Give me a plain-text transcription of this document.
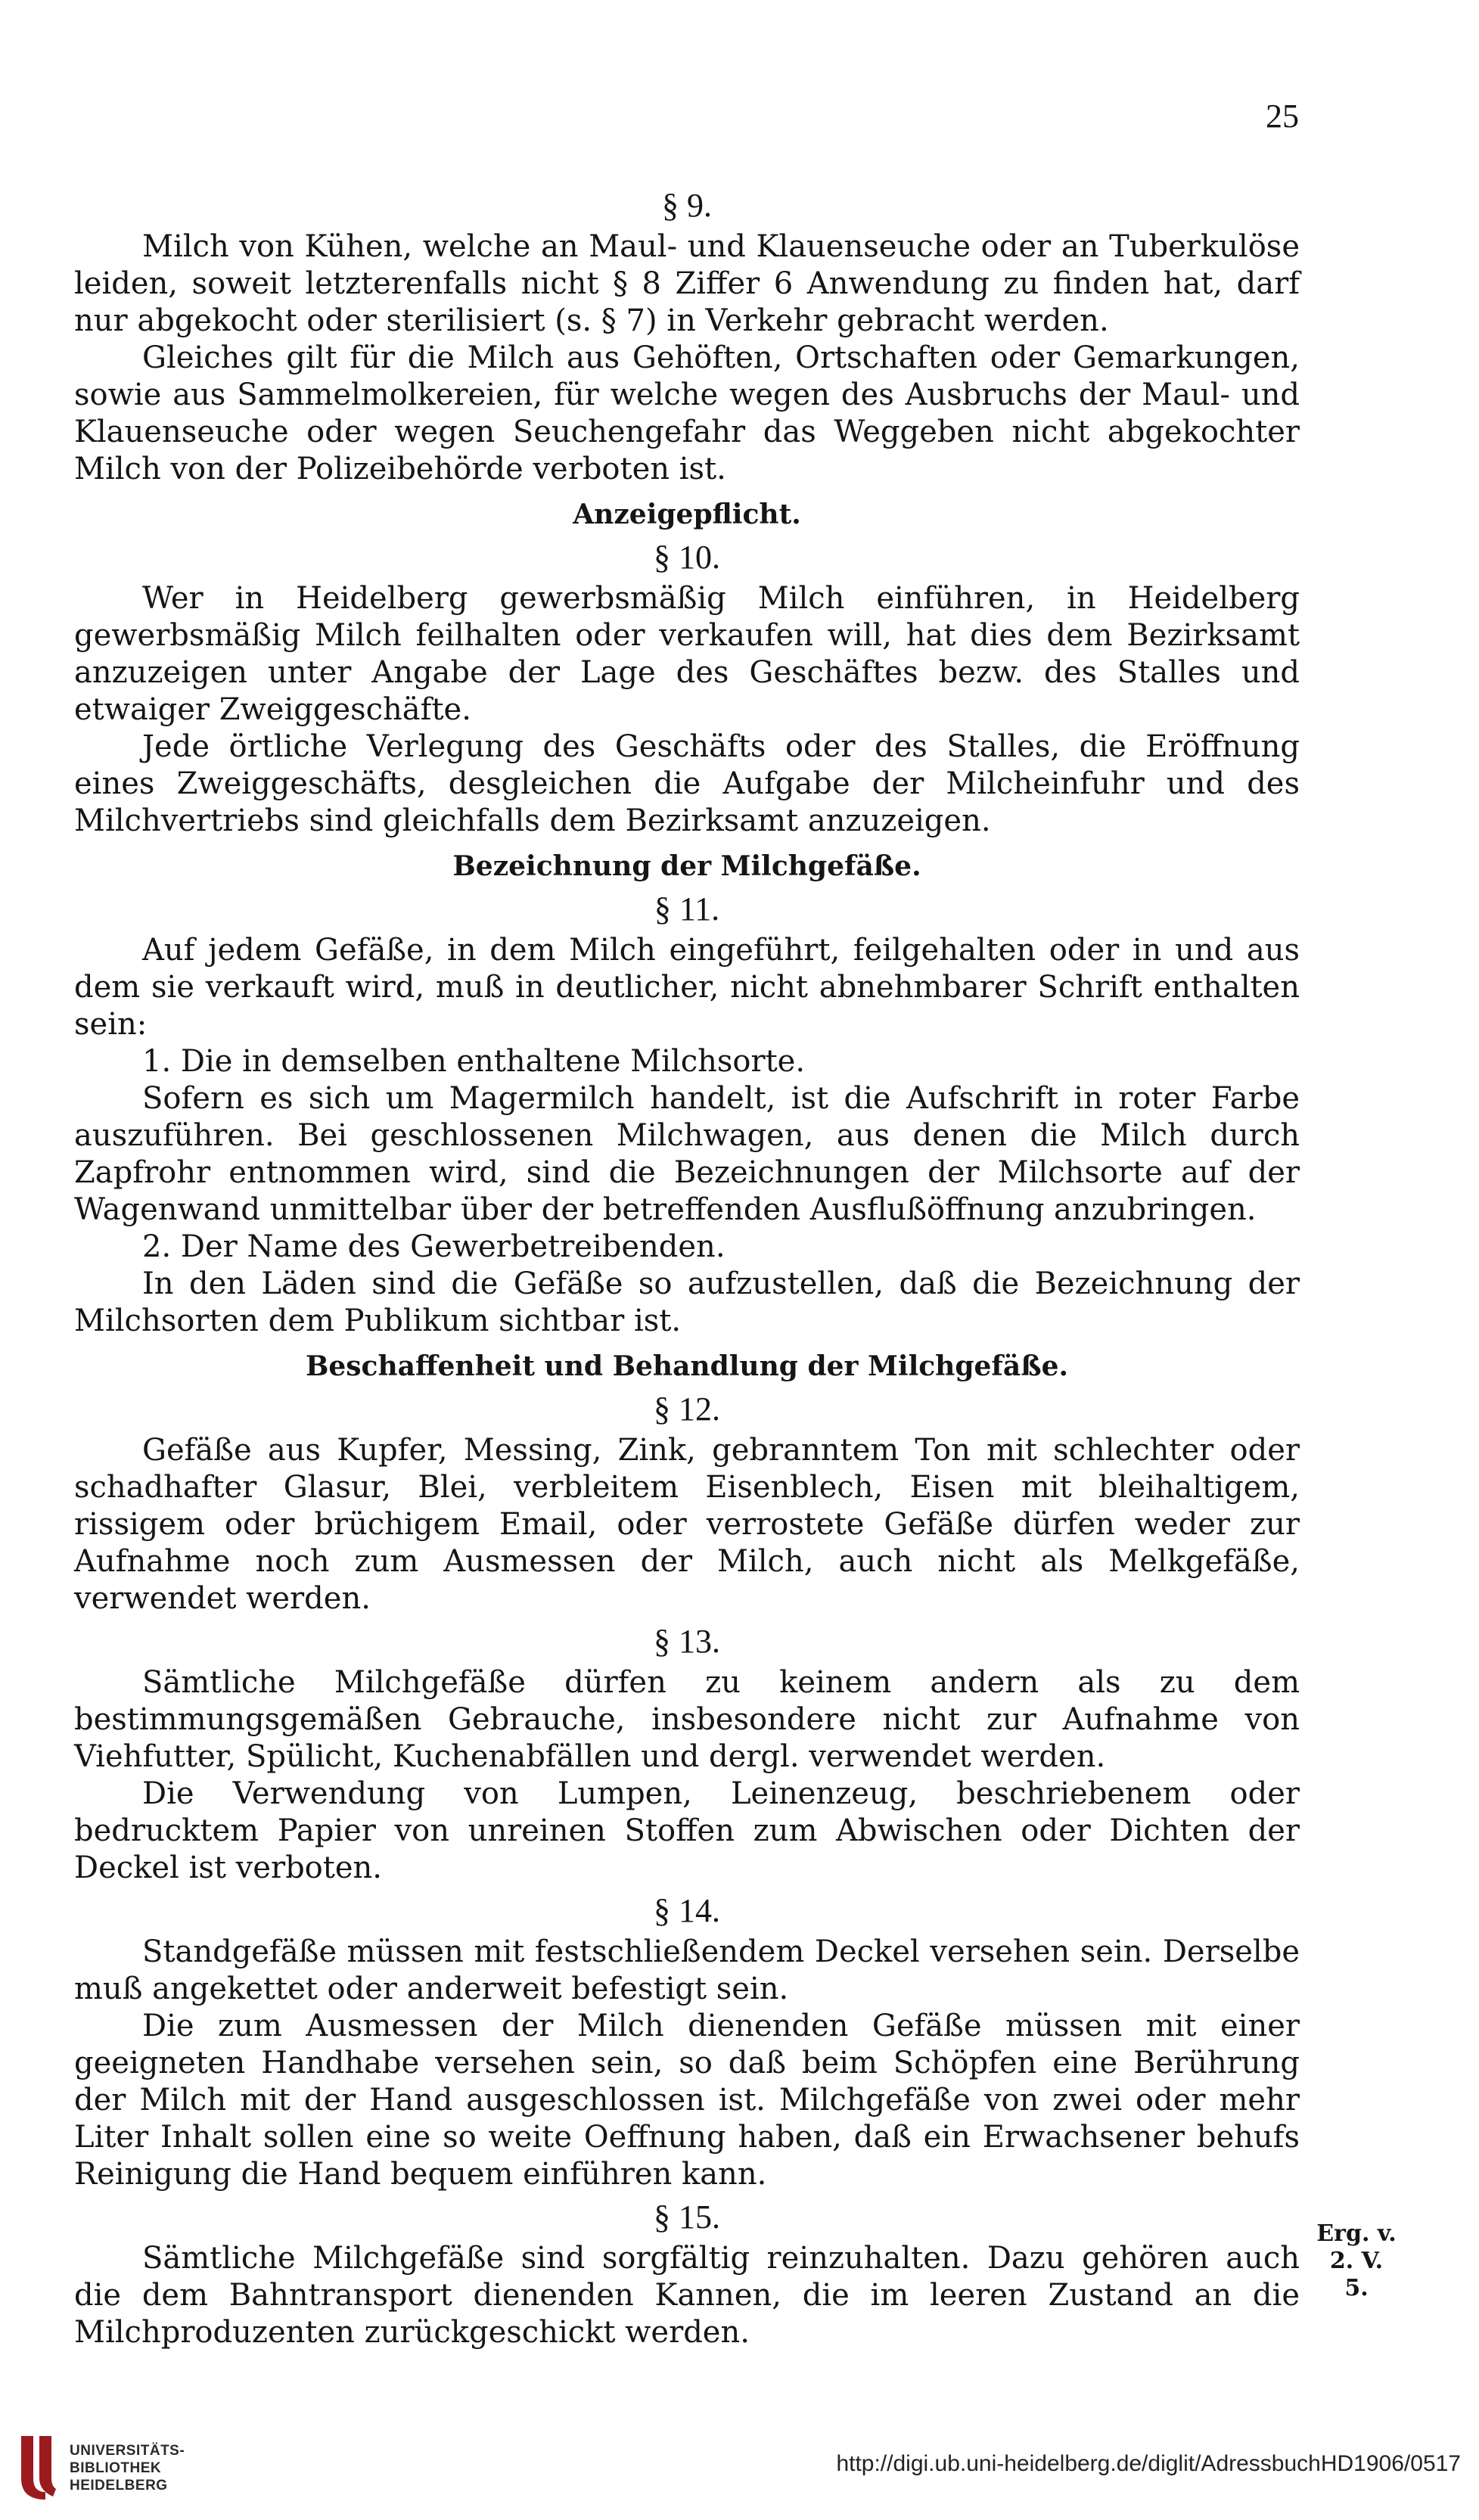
25
§ 9.

Milch von Kühen, welche an Maul- und Klauenseuche oder an Tuberkulöse leiden, soweit letzterenfalls nicht § 8 Ziffer 6 Anwendung zu finden hat, darf nur abgekocht oder sterilisiert (s. § 7) in Verkehr gebracht werden.

Gleiches gilt für die Milch aus Gehöften, Ortschaften oder Gemarkungen, sowie aus Sammelmolkereien, für welche wegen des Ausbruchs der Maul- und Klauenseuche oder wegen Seuchengefahr das Weggeben nicht abgekochter Milch von der Polizeibehörde verboten ist.

Anzeigepflicht.
§ 10.

Wer in Heidelberg gewerbsmäßig Milch einführen, in Heidelberg gewerbsmäßig Milch feilhalten oder verkaufen will, hat dies dem Bezirksamt anzuzeigen unter Angabe der Lage des Geschäftes bezw. des Stalles und etwaiger Zweiggeschäfte.

Jede örtliche Verlegung des Geschäfts oder des Stalles, die Eröffnung eines Zweiggeschäfts, desgleichen die Aufgabe der Milcheinfuhr und des Milchvertriebs sind gleichfalls dem Bezirksamt anzuzeigen.

Bezeichnung der Milchgefäße.
§ 11.

Auf jedem Gefäße, in dem Milch eingeführt, feilgehalten oder in und aus dem sie verkauft wird, muß in deutlicher, nicht abnehmbarer Schrift enthalten sein:

1. Die in demselben enthaltene Milchsorte.

Sofern es sich um Magermilch handelt, ist die Aufschrift in roter Farbe auszuführen. Bei geschlossenen Milchwagen, aus denen die Milch durch Zapfrohr entnommen wird, sind die Bezeichnungen der Milchsorte auf der Wagenwand unmittelbar über der betreffenden Ausflußöffnung anzubringen.

2. Der Name des Gewerbetreibenden.

In den Läden sind die Gefäße so aufzustellen, daß die Bezeichnung der Milchsorten dem Publikum sichtbar ist.

Beschaffenheit und Behandlung der Milchgefäße.
§ 12.

Gefäße aus Kupfer, Messing, Zink, gebranntem Ton mit schlechter oder schadhafter Glasur, Blei, verbleitem Eisenblech, Eisen mit bleihaltigem, rissigem oder brüchigem Email, oder verrostete Gefäße dürfen weder zur Aufnahme noch zum Ausmessen der Milch, auch nicht als Melkgefäße, verwendet werden.

§ 13.

Sämtliche Milchgefäße dürfen zu keinem andern als zu dem bestimmungsgemäßen Gebrauche, insbesondere nicht zur Aufnahme von Viehfutter, Spülicht, Kuchenabfällen und dergl. verwendet werden.

Die Verwendung von Lumpen, Leinenzeug, beschriebenem oder bedrucktem Papier von unreinen Stoffen zum Abwischen oder Dichten der Deckel ist verboten.

§ 14.

Standgefäße müssen mit festschließendem Deckel versehen sein. Derselbe muß angekettet oder anderweit befestigt sein.

Die zum Ausmessen der Milch dienenden Gefäße müssen mit einer geeigneten Handhabe versehen sein, so daß beim Schöpfen eine Berührung der Milch mit der Hand ausgeschlossen ist. Milchgefäße von zwei oder mehr Liter Inhalt sollen eine so weite Oeffnung haben, daß ein Erwachsener behufs Reinigung die Hand bequem einführen kann.

§ 15.

Sämtliche Milchgefäße sind sorgfältig reinzuhalten. Dazu gehören auch die dem Bahntransport dienenden Kannen, die im leeren Zustand an die Milchproduzenten zurückgeschickt werden.

Erg. v.
2. V. 5.
UNIVERSITÄTS-
BIBLIOTHEK
HEIDELBERG
http://digi.ub.uni-heidelberg.de/diglit/AdressbuchHD1906/0517
